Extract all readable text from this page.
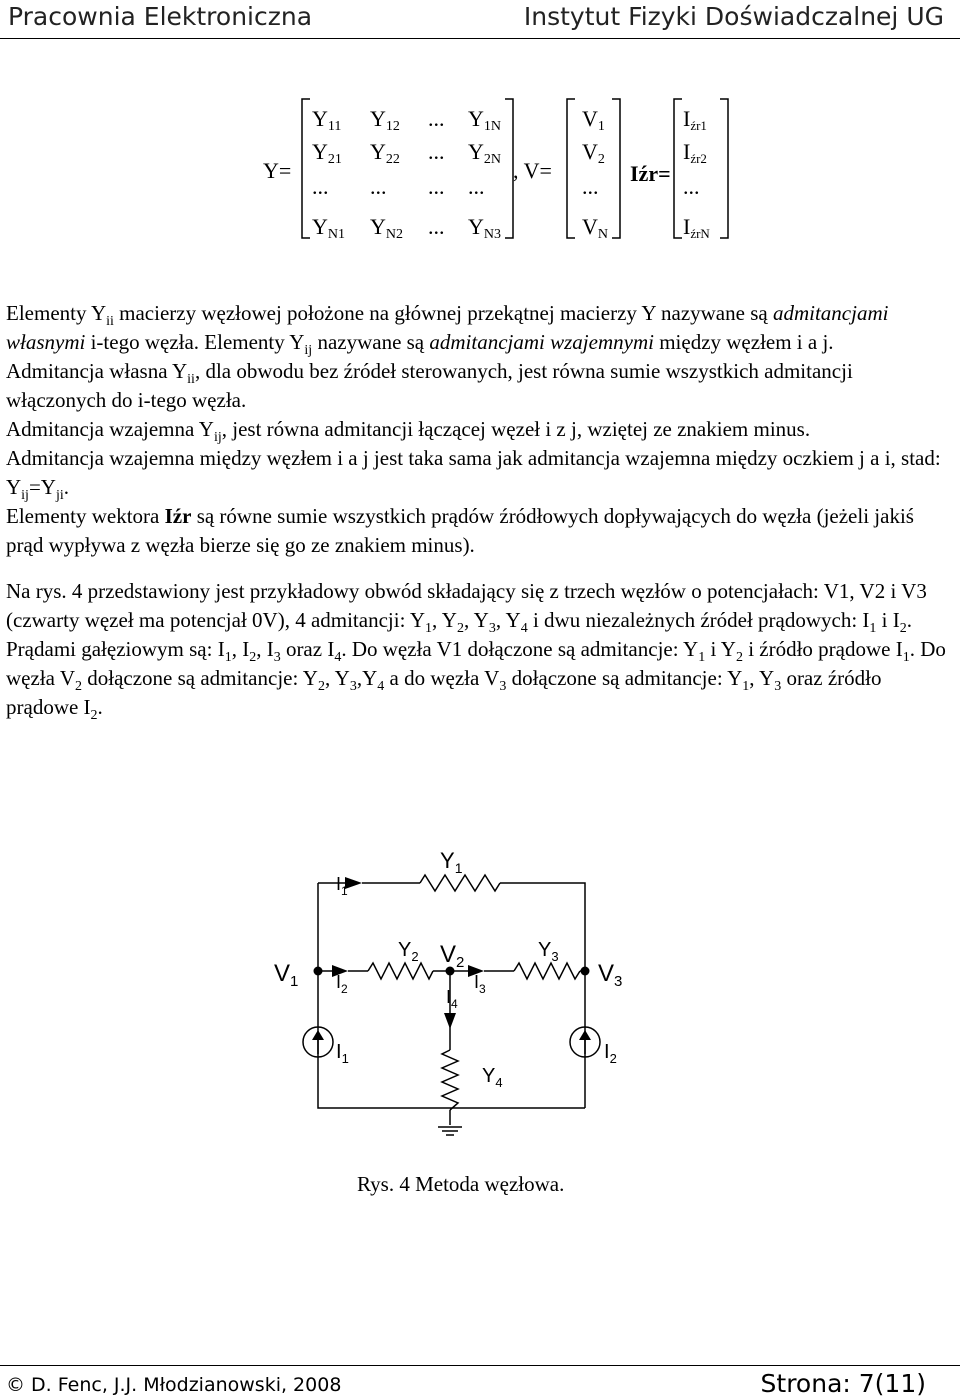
Pracownia Elektroniczna	Instytut Fizyki Doświadczalnej UG
Y=	, V=	Iźr=
Y11 Y12 ... Y1N
Y21 Y22 ... Y2N
... ... ... ...
YN1 YN2 ... YN3
V1
V2
...
VN
$I_{źr1}$
$I_{źr2}$
...
$I_{źrN}$

Elementy $Y_{ii}$ macierzy węzłowej położone na głównej przekątnej macierzy Y nazywane są admitancjami własnymi i-tego węzła. Elementy $Y_{ij}$ nazywane są admitancjami wzajemnymi między węzłem i a j.

Admitancja własna $Y_{ii}$, dla obwodu bez źródeł sterowanych, jest równa sumie wszystkich admitancji włączonych do i-tego węzła.

Admitancja wzajemna $Y_{ij}$, jest równa admitancji łączącej węzeł i z j, wziętej ze znakiem minus.

Admitancja wzajemna między węzłem i a j jest taka sama jak admitancja wzajemna między oczkiem j a i, stad: $Y_{ij}=Y_{ji}$.

Elementy wektora Iźr są równe sumie wszystkich prądów źródłowych dopływających do węzła (jeżeli jakiś prąd wypływa z węzła bierze się go ze znakiem minus).

Na rys. 4 przedstawiony jest przykładowy obwód składający się z trzech węzłów o potencjałach: V1, V2 i V3 (czwarty węzeł ma potencjał 0V), 4 admitancji: $Y_1$, $Y_2$, $Y_3$, $Y_4$ i dwu niezależnych źródeł prądowych: $I_1$ i $I_2$.

Prądami gałęziowym są: $I_1$, $I_2$, $I_3$ oraz $I_4$. Do węzła V1 dołączone są admitancje: $Y_1$ i $Y_2$ i źródło prądowe $I_1$. Do węzła $V_2$ dołączone są admitancje: $Y_2$, $Y_3,Y_4$ a do węzła $V_3$ dołączone są admitancje: $Y_1$, $Y_3$ oraz źródło prądowe $I_2$.

Y1
$I_1$
$Y_2$ V2
$Y_3$
V1 $I_2$	$I_3$
V3
$I_4$
$I_1$	$I_2$
$Y_4$
Rys. 4 Metoda węzłowa.
© D. Fenc, J.J. Młodzianowski, 2008	Strona: 7(11)
